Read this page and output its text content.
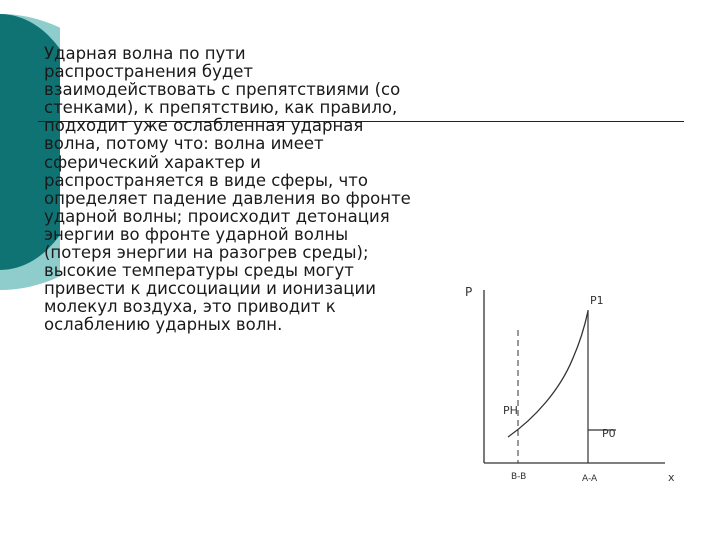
Ударная волна по пути
распространения будет
взаимодействовать с препятствиями (со
стенками), к препятствию, как правило,
подходит уже ослабленная ударная
волна, потому что: волна имеет
сферический характер и
распространяется в виде сферы, что
определяет падение давления во фронте
ударной волны; происходит детонация
энергии во фронте ударной волны
(потеря энергии на разогрев среды);
высокие температуры среды могут
привести к диссоциации и ионизации
молекул воздуха, это приводит к
ослаблению ударных волн.

P
P1
PH
P0
B-B	A-A	x
